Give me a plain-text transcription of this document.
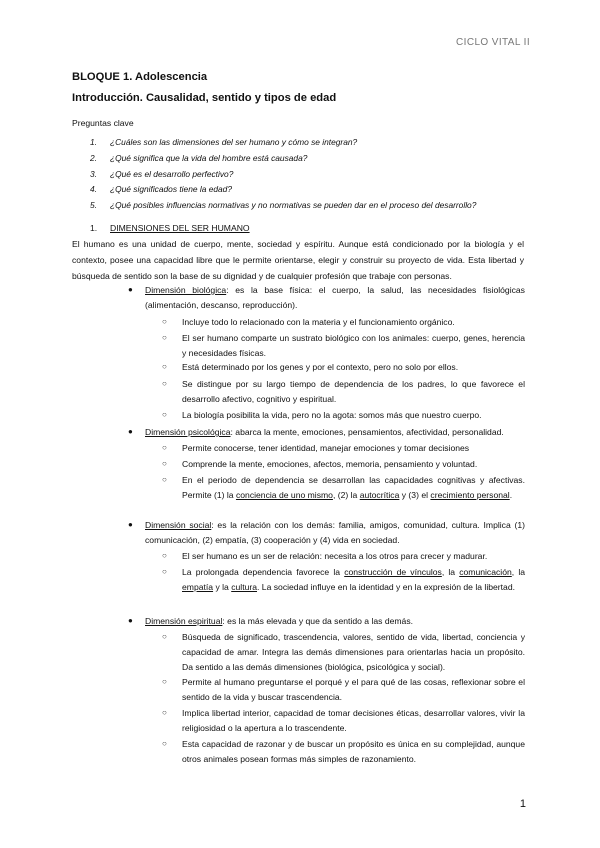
CICLO VITAL II
BLOQUE 1. Adolescencia
Introducción. Causalidad, sentido y tipos de edad
Preguntas clave
1. ¿Cuáles son las dimensiones del ser humano y cómo se integran?
2. ¿Qué significa que la vida del hombre está causada?
3. ¿Qué es el desarrollo perfectivo?
4. ¿Qué significados tiene la edad?
5. ¿Qué posibles influencias normativas y no normativas se pueden dar en el proceso del desarrollo?
1. DIMENSIONES DEL SER HUMANO
El humano es una unidad de cuerpo, mente, sociedad y espíritu. Aunque está condicionado por la biología y el contexto, posee una capacidad libre que le permite orientarse, elegir y construir su proyecto de vida. Esta libertad y búsqueda de sentido son la base de su dignidad y de cualquier profesión que trabaje con personas.
● Dimensión biológica: es la base física: el cuerpo, la salud, las necesidades fisiológicas (alimentación, descanso, reproducción).
○ Incluye todo lo relacionado con la materia y el funcionamiento orgánico.
○ El ser humano comparte un sustrato biológico con los animales: cuerpo, genes, herencia y necesidades físicas.
○ Está determinado por los genes y por el contexto, pero no solo por ellos.
○ Se distingue por su largo tiempo de dependencia de los padres, lo que favorece el desarrollo afectivo, cognitivo y espiritual.
○ La biología posibilita la vida, pero no la agota: somos más que nuestro cuerpo.
● Dimensión psicológica: abarca la mente, emociones, pensamientos, afectividad, personalidad.
○ Permite conocerse, tener identidad, manejar emociones y tomar decisiones
○ Comprende la mente, emociones, afectos, memoria, pensamiento y voluntad.
○ En el periodo de dependencia se desarrollan las capacidades cognitivas y afectivas. Permite (1) la conciencia de uno mismo, (2) la autocrítica y (3) el crecimiento personal.
● Dimensión social: es la relación con los demás: familia, amigos, comunidad, cultura. Implica (1) comunicación, (2) empatía, (3) cooperación y (4) vida en sociedad.
○ El ser humano es un ser de relación: necesita a los otros para crecer y madurar.
○ La prolongada dependencia favorece la construcción de vínculos, la comunicación, la empatía y la cultura. La sociedad influye en la identidad y en la expresión de la libertad.
● Dimensión espiritual: es la más elevada y que da sentido a las demás.
○ Búsqueda de significado, trascendencia, valores, sentido de vida, libertad, conciencia y capacidad de amar. Integra las demás dimensiones para orientarlas hacia un propósito. Da sentido a las demás dimensiones (biológica, psicológica y social).
○ Permite al humano preguntarse el porqué y el para qué de las cosas, reflexionar sobre el sentido de la vida y buscar trascendencia.
○ Implica libertad interior, capacidad de tomar decisiones éticas, desarrollar valores, vivir la religiosidad o la apertura a lo trascendente.
○ Esta capacidad de razonar y de buscar un propósito es única en su complejidad, aunque otros animales posean formas más simples de razonamiento.
1
